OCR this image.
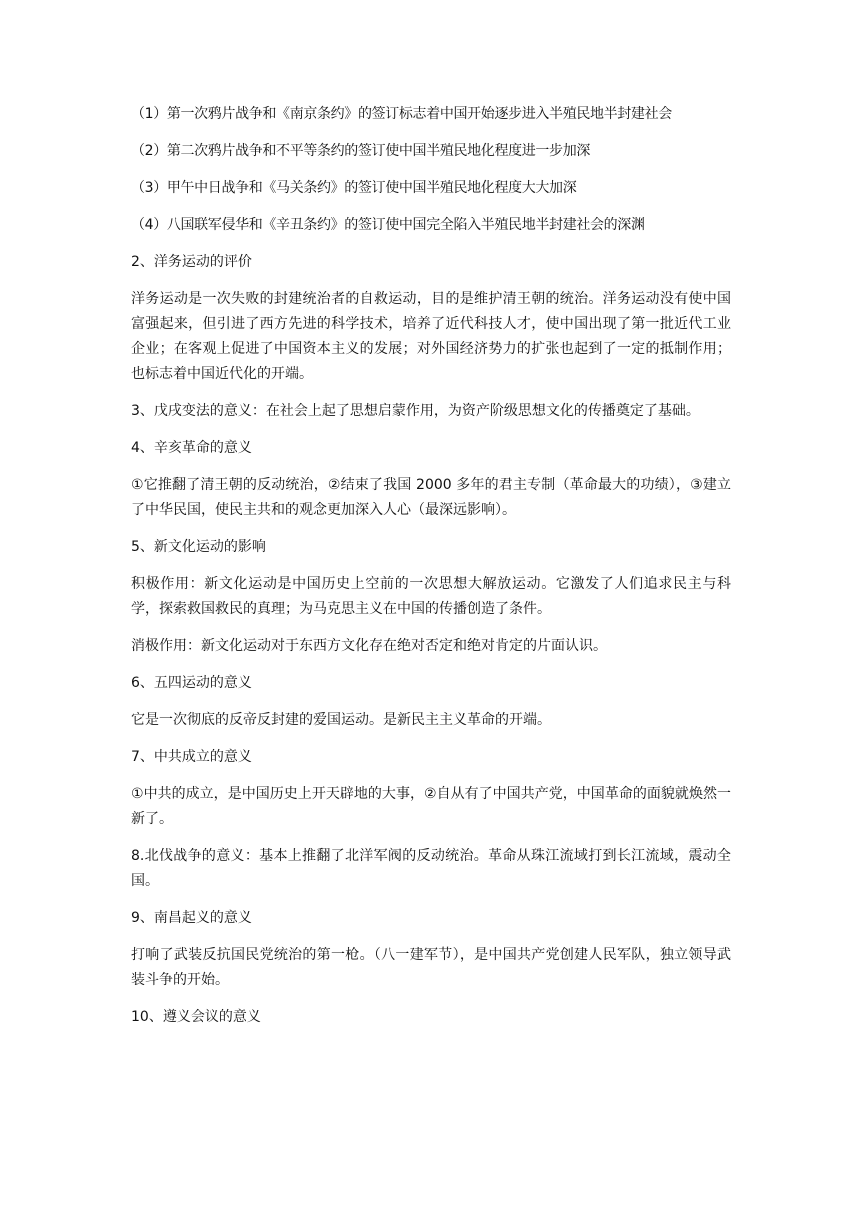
（1）第一次鸦片战争和《南京条约》的签订标志着中国开始逐步进入半殖民地半封建社会

（2）第二次鸦片战争和不平等条约的签订使中国半殖民地化程度进一步加深

（3）甲午中日战争和《马关条约》的签订使中国半殖民地化程度大大加深

（4）八国联军侵华和《辛丑条约》的签订使中国完全陷入半殖民地半封建社会的深渊

2、洋务运动的评价

洋务运动是一次失败的封建统治者的自救运动，目的是维护清王朝的统治。洋务运动没有使中国富强起来，但引进了西方先进的科学技术，培养了近代科技人才，使中国出现了第一批近代工业企业；在客观上促进了中国资本主义的发展；对外国经济势力的扩张也起到了一定的抵制作用；也标志着中国近代化的开端。

3、戊戌变法的意义：在社会上起了思想启蒙作用，为资产阶级思想文化的传播奠定了基础。

4、辛亥革命的意义

①它推翻了清王朝的反动统治，②结束了我国 2000 多年的君主专制（革命最大的功绩），③建立了中华民国，使民主共和的观念更加深入人心（最深远影响）。

5、新文化运动的影响

积极作用：新文化运动是中国历史上空前的一次思想大解放运动。它激发了人们追求民主与科学，探索救国救民的真理；为马克思主义在中国的传播创造了条件。

消极作用：新文化运动对于东西方文化存在绝对否定和绝对肯定的片面认识。

6、五四运动的意义

它是一次彻底的反帝反封建的爱国运动。是新民主主义革命的开端。

7、中共成立的意义

①中共的成立，是中国历史上开天辟地的大事，②自从有了中国共产党，中国革命的面貌就焕然一新了。

8.北伐战争的意义：基本上推翻了北洋军阀的反动统治。革命从珠江流域打到长江流域，震动全国。

9、南昌起义的意义

打响了武装反抗国民党统治的第一枪。（八一建军节），是中国共产党创建人民军队，独立领导武装斗争的开始。

10、遵义会议的意义
